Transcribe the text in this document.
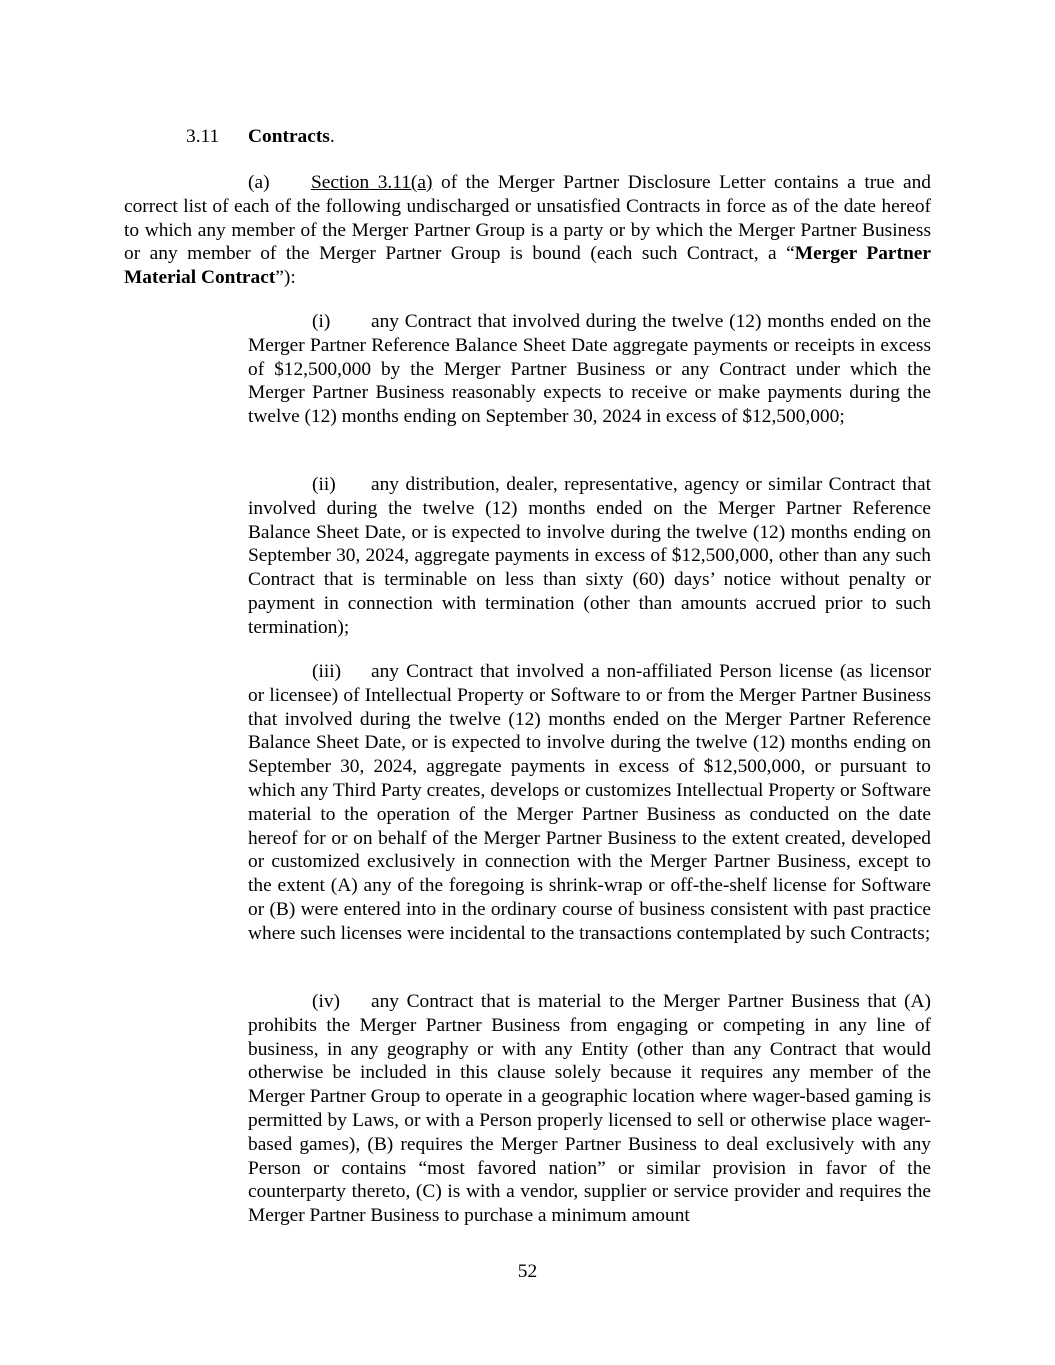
3.11 Contracts.

(a) Section 3.11(a) of the Merger Partner Disclosure Letter contains a true and correct list of each of the following undischarged or unsatisfied Contracts in force as of the date hereof to which any member of the Merger Partner Group is a party or by which the Merger Partner Business or any member of the Merger Partner Group is bound (each such Contract, a “Merger Partner Material Contract”):

(i) any Contract that involved during the twelve (12) months ended on the Merger Partner Reference Balance Sheet Date aggregate payments or receipts in excess of $12,500,000 by the Merger Partner Business or any Contract under which the Merger Partner Business reasonably expects to receive or make payments during the twelve (12) months ending on September 30, 2024 in excess of $12,500,000;

(ii) any distribution, dealer, representative, agency or similar Contract that involved during the twelve (12) months ended on the Merger Partner Reference Balance Sheet Date, or is expected to involve during the twelve (12) months ending on September 30, 2024, aggregate payments in excess of $12,500,000, other than any such Contract that is terminable on less than sixty (60) days’ notice without penalty or payment in connection with termination (other than amounts accrued prior to such termination);

(iii) any Contract that involved a non-affiliated Person license (as licensor or licensee) of Intellectual Property or Software to or from the Merger Partner Business that involved during the twelve (12) months ended on the Merger Partner Reference Balance Sheet Date, or is expected to involve during the twelve (12) months ending on September 30, 2024, aggregate payments in excess of $12,500,000, or pursuant to which any Third Party creates, develops or customizes Intellectual Property or Software material to the operation of the Merger Partner Business as conducted on the date hereof for or on behalf of the Merger Partner Business to the extent created, developed or customized exclusively in connection with the Merger Partner Business, except to the extent (A) any of the foregoing is shrink-wrap or off-the-shelf license for Software or (B) were entered into in the ordinary course of business consistent with past practice where such licenses were incidental to the transactions contemplated by such Contracts;

(iv) any Contract that is material to the Merger Partner Business that (A) prohibits the Merger Partner Business from engaging or competing in any line of business, in any geography or with any Entity (other than any Contract that would otherwise be included in this clause solely because it requires any member of the Merger Partner Group to operate in a geographic location where wager-based gaming is permitted by Laws, or with a Person properly licensed to sell or otherwise place wager-based games), (B) requires the Merger Partner Business to deal exclusively with any Person or contains “most favored nation” or similar provision in favor of the counterparty thereto, (C) is with a vendor, supplier or service provider and requires the Merger Partner Business to purchase a minimum amount

52
